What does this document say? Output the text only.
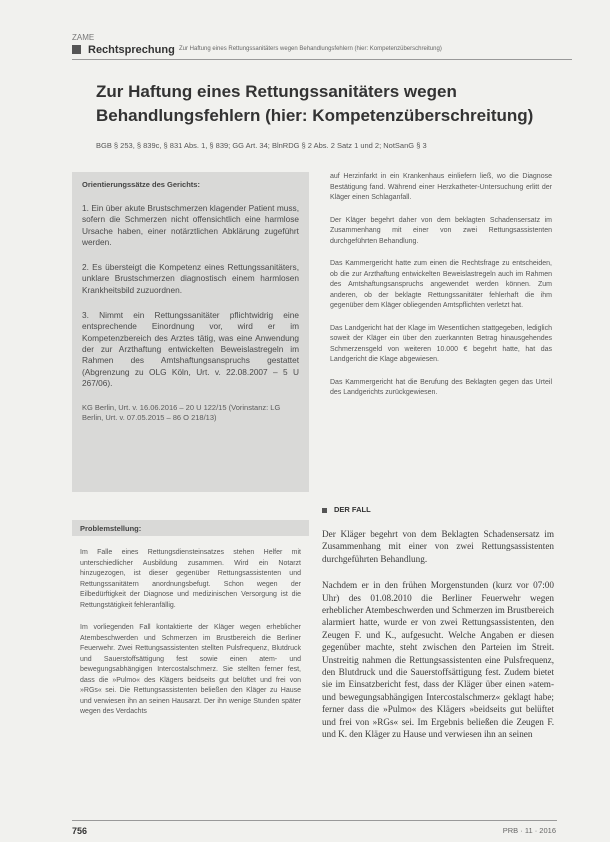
ZAME
Rechtsprechung Zur Haftung eines Rettungssanitäters wegen Behandlungsfehlern (hier: Kompetenzüberschreitung)
Zur Haftung eines Rettungssanitäters wegen Behandlungsfehlern (hier: Kompetenzüberschreitung)
BGB § 253, § 839c, § 831 Abs. 1, § 839; GG Art. 34; BlnRDG § 2 Abs. 2 Satz 1 und 2; NotSanG § 3

Orientierungssätze des Gerichts:

1. Ein über akute Brustschmerzen klagender Patient muss, sofern die Schmerzen nicht offensichtlich eine harmlose Ursache haben, einer notärztlichen Abklärung zugeführt werden.

2. Es übersteigt die Kompetenz eines Rettungssanitäters, unklare Brustschmerzen diagnostisch einem harmlosen Krankheitsbild zuzuordnen.

3. Nimmt ein Rettungssanitäter pflichtwidrig eine entsprechende Einordnung vor, wird er im Kompetenzbereich des Arztes tätig, was eine Anwendung der zur Arzthaftung entwickelten Beweislastregeln im Rahmen des Amtshaftungsanspruchs gestattet (Abgrenzung zu OLG Köln, Urt. v. 22.08.2007 – 5 U 267/06).

KG Berlin, Urt. v. 16.06.2016 – 20 U 122/15 (Vorinstanz: LG Berlin, Urt. v. 07.05.2015 – 86 O 218/13)

Problemstellung:

Im Falle eines Rettungsdiensteinsatzes stehen Helfer mit unterschiedlicher Ausbildung zusammen. Wird ein Notarzt hinzugezogen, ist dieser gegenüber Rettungsassistenten und Rettungssanitätern anordnungsbefugt. Schon wegen der Eilbedürftigkeit der Diagnose und medizinischen Versorgung ist die Rettungstätigkeit fehleranfällig.

Im vorliegenden Fall kontaktierte der Kläger wegen erheblicher Atembeschwerden und Schmerzen im Brustbereich die Berliner Feuerwehr. Zwei Rettungsassistenten stellten Pulsfrequenz, Blutdruck und Sauerstoffsättigung fest sowie einen atem- und bewegungsabhängigen Intercostalschmerz. Sie stellten ferner fest, dass die »Pulmo« des Klägers beidseits gut belüftet und frei von »RGs« sei. Die Rettungsassistenten beließen den Kläger zu Hause und verwiesen ihn an seinen Hausarzt. Der ihn wenige Stunden später wegen des Verdachts

auf Herzinfarkt in ein Krankenhaus einliefern ließ, wo die Diagnose Bestätigung fand. Während einer Herzkatheter-Untersuchung erlitt der Kläger einen Schlaganfall.

Der Kläger begehrt daher von dem beklagten Schadensersatz im Zusammenhang mit einer von zwei Rettungsassistenten durchgeführten Behandlung.

Das Kammergericht hatte zum einen die Rechtsfrage zu entscheiden, ob die zur Arzthaftung entwickelten Beweislastregeln auch im Rahmen des Amtshaftungsanspruchs angewendet werden können. Zum anderen, ob der beklagte Rettungssanitäter fehlerhaft die ihm gegenüber dem Kläger obliegenden Amtspflichten verletzt hat.

Das Landgericht hat der Klage im Wesentlichen stattgegeben, lediglich soweit der Kläger ein über den zuerkannten Betrag hinausgehendes Schmerzensgeld von weiteren 10.000 € begehrt hatte, hat das Landgericht die Klage abgewiesen.

Das Kammergericht hat die Berufung des Beklagten gegen das Urteil des Landgerichts zurückgewiesen.

DER FALL

Der Kläger begehrt von dem Beklagten Schadensersatz im Zusammenhang mit einer von zwei Rettungsassistenten durchgeführten Behandlung.

Nachdem er in den frühen Morgenstunden (kurz vor 07:00 Uhr) des 01.08.2010 die Berliner Feuerwehr wegen erheblicher Atembeschwerden und Schmerzen im Brustbereich alarmiert hatte, wurde er von zwei Rettungsassistenten, den Zeugen F. und K., aufgesucht. Welche Angaben er diesen gegenüber machte, steht zwischen den Parteien im Streit. Unstreitig nahmen die Rettungsassistenten eine Pulsfrequenz, den Blutdruck und die Sauerstoffsättigung fest. Zudem bietet sie im Einsatzbericht fest, dass der Kläger über einen »atem- und bewegungsabhängigen Intercostalschmerz« geklagt habe; ferner dass die »Pulmo« des Klägers »beidseits gut belüftet und frei von »RGs« sei. Im Ergebnis beließen die Zeugen F. und K. den Kläger zu Hause und verwiesen ihn an seinen

756	PRB · 11 · 2016
